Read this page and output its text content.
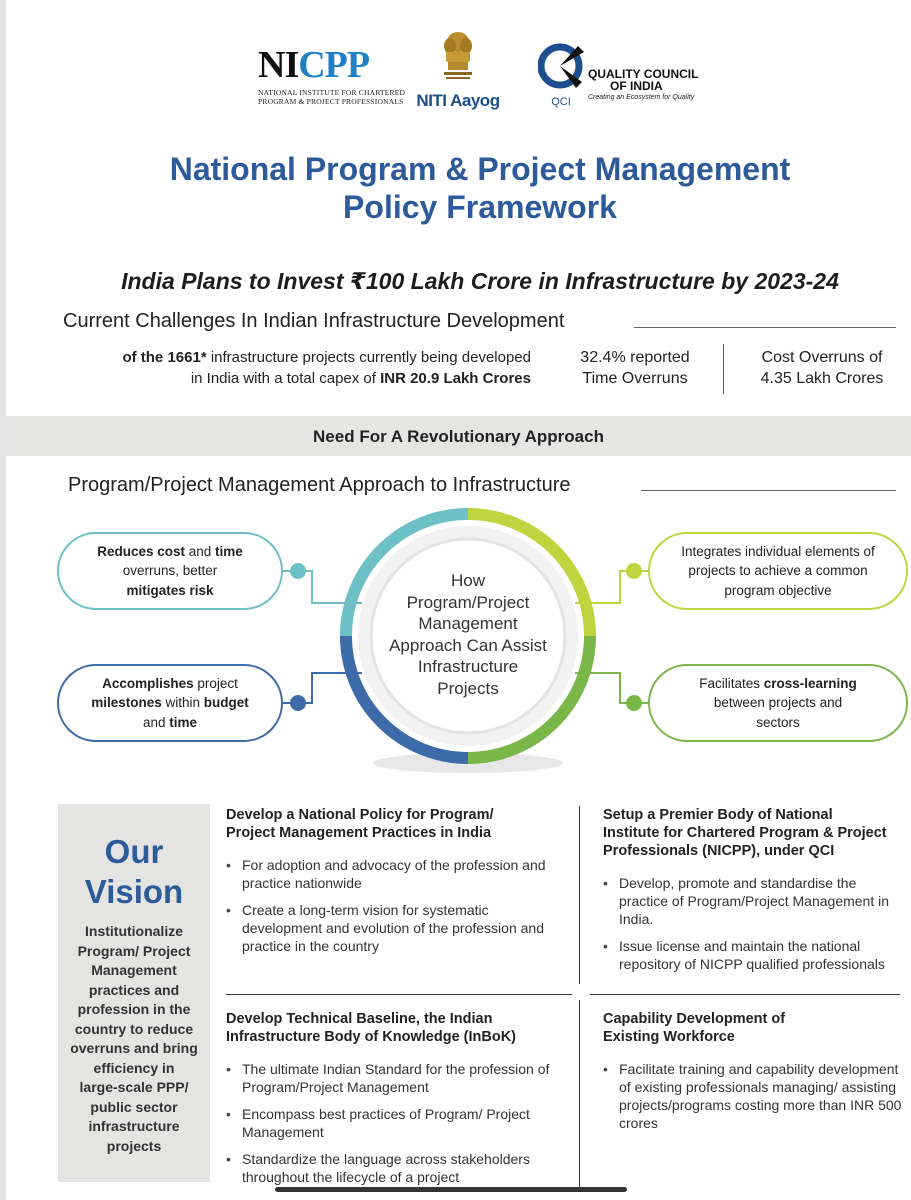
NICPP
NATIONAL INSTITUTE FOR CHARTERED
PROGRAM & PROJECT PROFESSIONALS NITI Aayog	QCI
QUALITY COUNCIL
OF INDIA
Creating an Ecosystem for Quality
National Program & Project Management
Policy Framework
India Plans to Invest ₹100 Lakh Crore in Infrastructure by 2023-24
Current Challenges In Indian Infrastructure Development
of the 1661* infrastructure projects currently being developed
in India with a total capex of INR 20.9 Lakh Crores
32.4% reported
Time Overruns
Cost Overruns of
4.35 Lakh Crores
Need For A Revolutionary Approach
Program/Project Management Approach to Infrastructure
How
Program/Project
Management
Approach Can Assist
Infrastructure
Projects
Reduces cost and time
overruns, better
mitigates risk
Accomplishes project
milestones within budget
and time
Integrates individual elements of
projects to achieve a common
program objective
Facilitates cross-learning
between projects and
sectors
Our
Vision
Institutionalize
Program/ Project
Management
practices and
profession in the
country to reduce
overruns and bring
efficiency in
large-scale PPP/
public sector
infrastructure
projects
Develop a National Policy for Program/
Project Management Practices in India
• For adoption and advocacy of the profession and practice nationwide
• Create a long-term vision for systematic development and evolution of the profession and practice in the country
Setup a Premier Body of National
Institute for Chartered Program & Project
Professionals (NICPP), under QCI
• Develop, promote and standardise the practice of Program/Project Management in India.
• Issue license and maintain the national repository of NICPP qualified professionals
Develop Technical Baseline, the Indian
Infrastructure Body of Knowledge (InBoK)
• The ultimate Indian Standard for the profession of Program/Project Management
• Encompass best practices of Program/ Project Management
• Standardize the language across stakeholders throughout the lifecycle of a project
Capability Development of
Existing Workforce
• Facilitate training and capability development of existing professionals managing/ assisting projects/programs costing more than INR 500 crores
